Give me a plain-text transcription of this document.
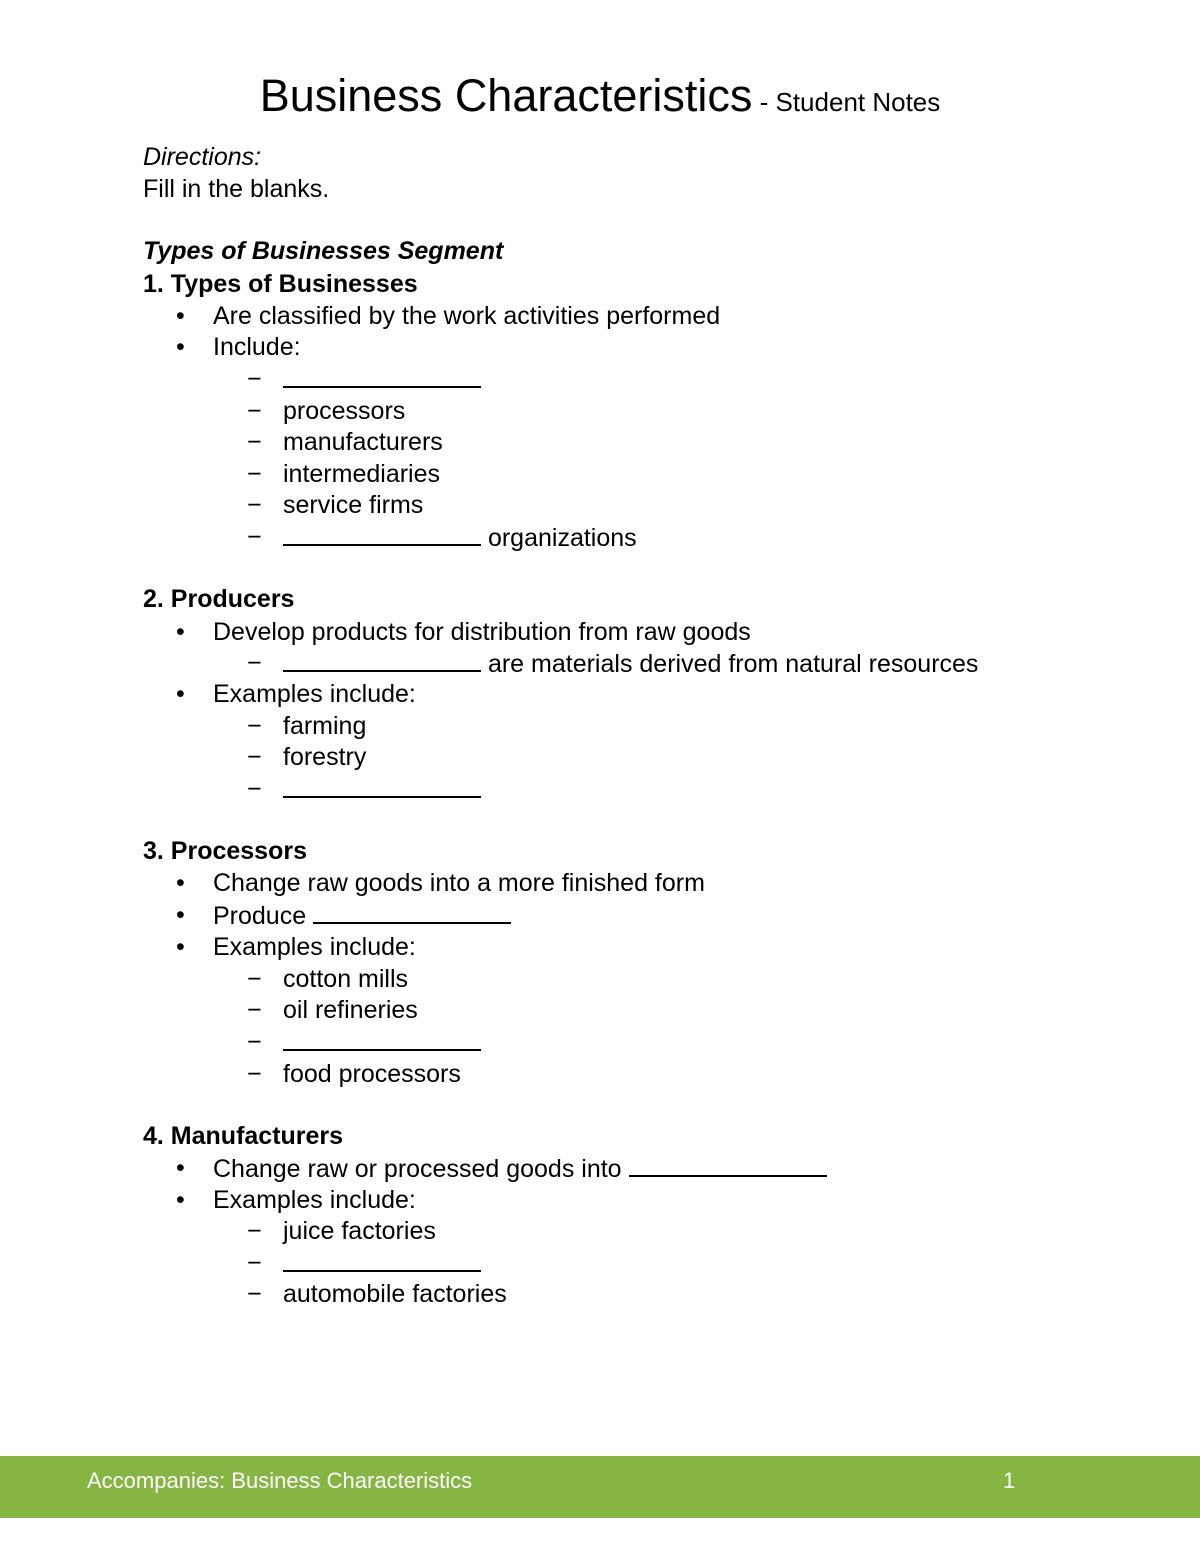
Business Characteristics - Student Notes
Directions:
Fill in the blanks.
Types of Businesses Segment
1. Types of Businesses
• Are classified by the work activities performed
• Include:
−
− processors
− manufacturers
− intermediaries
− service firms
−	organizations
2. Producers
• Develop products for distribution from raw goods
−	are materials derived from natural resources
• Examples include:
− farming
− forestry
−
3. Processors
• Change raw goods into a more finished form
• Produce
• Examples include:
− cotton mills
− oil refineries
−
− food processors
4. Manufacturers
• Change raw or processed goods into
• Examples include:
− juice factories
−
− automobile factories
Accompanies: Business Characteristics	1
